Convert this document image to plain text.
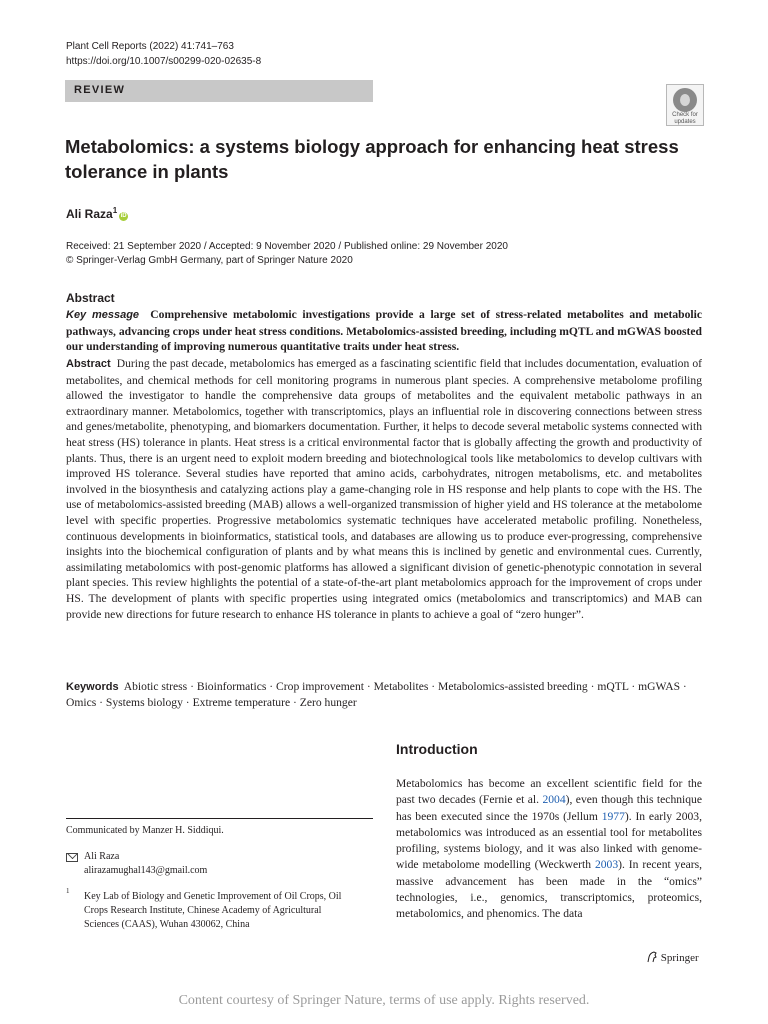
Plant Cell Reports (2022) 41:741–763
https://doi.org/10.1007/s00299-020-02635-8
REVIEW
Check for updates
Metabolomics: a systems biology approach for enhancing heat stress tolerance in plants
Ali Raza$^1$iD
Received: 21 September 2020 / Accepted: 9 November 2020 / Published online: 29 November 2020
© Springer-Verlag GmbH Germany, part of Springer Nature 2020
Abstract
Key message Comprehensive metabolomic investigations provide a large set of stress-related metabolites and metabolic pathways, advancing crops under heat stress conditions. Metabolomics-assisted breeding, including mQTL and mGWAS boosted our understanding of improving numerous quantitative traits under heat stress.
Abstract During the past decade, metabolomics has emerged as a fascinating scientific field that includes documentation, evaluation of metabolites, and chemical methods for cell monitoring programs in numerous plant species. A comprehensive metabolome profiling allowed the investigator to handle the comprehensive data groups of metabolites and the equivalent metabolic pathways in an extraordinary manner. Metabolomics, together with transcriptomics, plays an influential role in discovering connections between stress and genes/metabolite, phenotyping, and biomarkers documentation. Further, it helps to decode several metabolic systems connected with heat stress (HS) tolerance in plants. Heat stress is a critical environmental factor that is globally affecting the growth and productivity of plants. Thus, there is an urgent need to exploit modern breeding and biotechnological tools like metabolomics to develop cultivars with improved HS tolerance. Several studies have reported that amino acids, carbohydrates, nitrogen metabolisms, etc. and metabolites involved in the biosynthesis and catalyzing actions play a game-changing role in HS response and help plants to cope with the HS. The use of metabolomics-assisted breeding (MAB) allows a well-organized transmission of higher yield and HS tolerance at the metabolome level with specific properties. Progressive metabolomics systematic techniques have accelerated metabolic profiling. Nonetheless, continuous developments in bioinformatics, statistical tools, and databases are allowing us to produce ever-progressing, comprehensive insights into the biochemical configuration of plants and by what means this is inclined by genetic and environmental cues. Currently, assimilating metabolomics with post-genomic platforms has allowed a significant division of genetic-phenotypic connotation in several plant species. This review highlights the potential of a state-of-the-art plant metabolomics approach for the improvement of crops under HS. The development of plants with specific properties using integrated omics (metabolomics and transcriptomics) and MAB can provide new directions for future research to enhance HS tolerance in plants to achieve a goal of “zero hunger”.
Keywords Abiotic stress · Bioinformatics · Crop improvement · Metabolites · Metabolomics-assisted breeding · mQTL · mGWAS · Omics · Systems biology · Extreme temperature · Zero hunger
Introduction
Metabolomics has become an excellent scientific field for the past two decades (Fernie et al. 2004), even though this technique has been executed since the 1970s (Jellum 1977). In early 2003, metabolomics was introduced as an essential tool for metabolites profiling, systems biology, and it was also linked with genome-wide metabolome modelling (Weckwerth 2003). In recent years, massive advancement has been made in the “omics” technologies, i.e., genomics, transcriptomics, proteomics, metabolomics, and phenomics. The data
Communicated by Manzer H. Siddiqui.
Ali Raza
alirazamughal143@gmail.com
1 Key Lab of Biology and Genetic Improvement of Oil Crops, Oil Crops Research Institute, Chinese Academy of Agricultural Sciences (CAAS), Wuhan 430062, China
Springer
Content courtesy of Springer Nature, terms of use apply. Rights reserved.
